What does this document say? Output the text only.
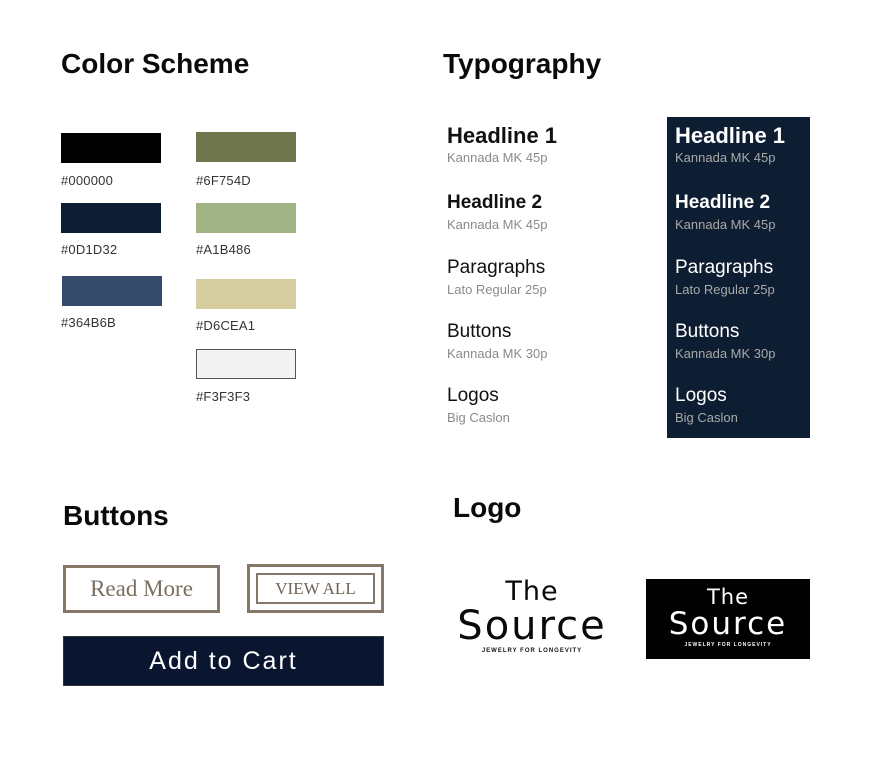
Color Scheme
#000000
#0D1D32
#364B6B
#6F754D
#A1B486
#D6CEA1
#F3F3F3
Typography
Headline 1
Kannada MK 45p
Headline 2
Kannada MK 45p
Paragraphs
Lato Regular 25p
Buttons
Kannada MK 30p
Logos
Big Caslon
Headline 1
Kannada MK 45p
Headline 2
Kannada MK 45p
Paragraphs
Lato Regular 25p
Buttons
Kannada MK 30p
Logos
Big Caslon
Buttons
Read More	VIEW ALL
Add to Cart
Logo
The
Source
JEWELRY FOR LONGEVITY
The
Source
JEWELRY FOR LONGEVITY
